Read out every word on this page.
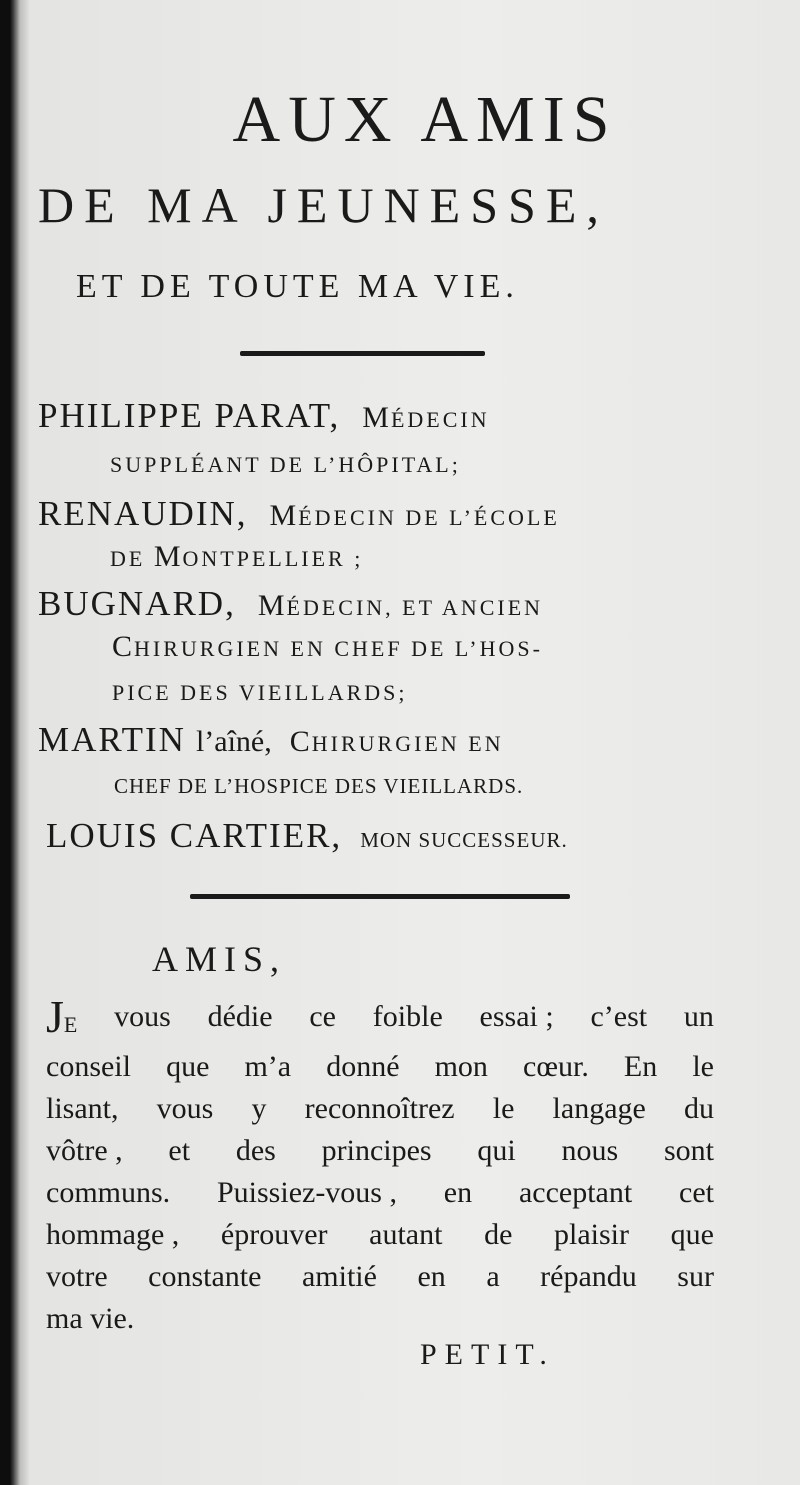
AUX AMIS
DE MA JEUNESSE,
ET DE TOUTE MA VIE.
PHILIPPE PARAT, MÉDECIN
SUPPLÉANT DE L’HÔPITAL;
RENAUDIN, MÉDECIN DE L’ÉCOLE
DE MONTPELLIER ;
BUGNARD, MÉDECIN, ET ANCIEN
CHIRURGIEN EN CHEF DE L’HOS-
PICE DES VIEILLARDS;
MARTIN l’aîné, CHIRURGIEN EN
CHEF DE L’HOSPICE DES VIEILLARDS.
LOUIS CARTIER, MON SUCCESSEUR.
AMIS,
JE vous dédie ce foible essai ; c’est un
conseil que m’a donné mon cœur. En le
lisant, vous y reconnoîtrez le langage du
vôtre , et des principes qui nous sont
communs. Puissiez-vous , en acceptant cet
hommage , éprouver autant de plaisir que
votre constante amitié en a répandu sur
ma vie.
PETIT.
